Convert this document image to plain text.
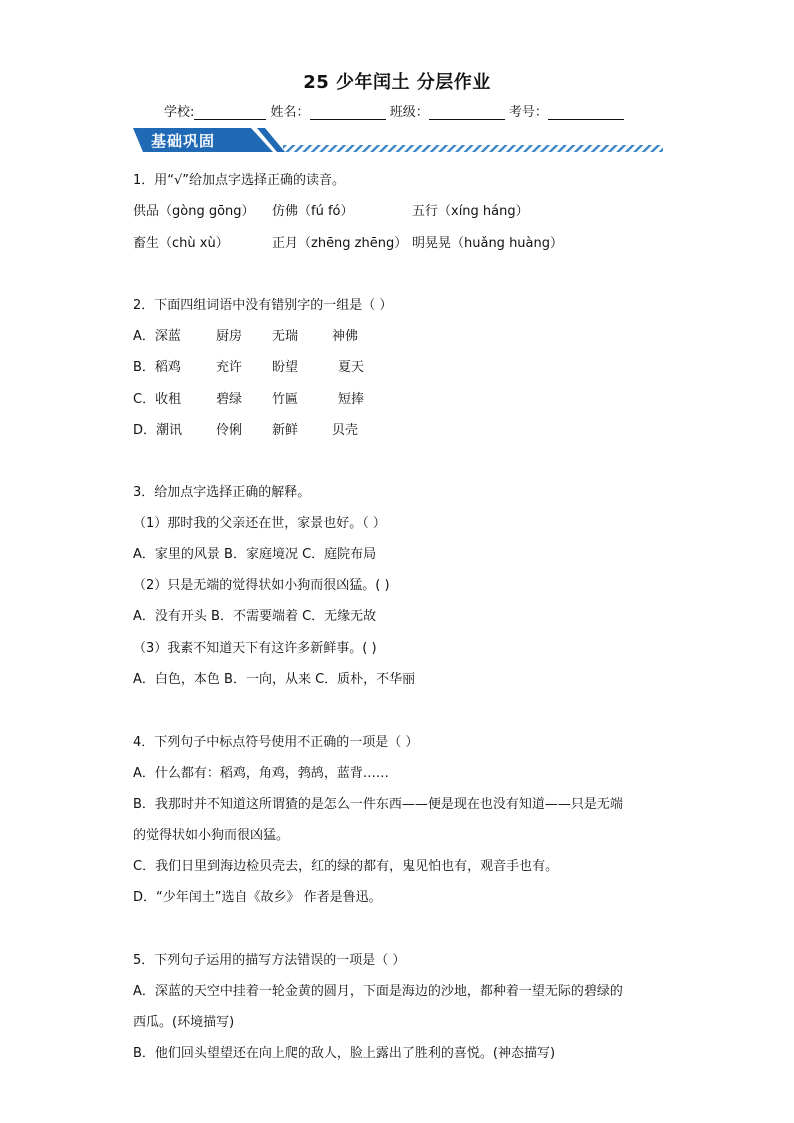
25 少年闰土 分层作业
学校:	姓名：	班级：	考号：
基础巩固
1．用“√”给加点字选择正确的读音。
供品（gòng gōng） 仿佛（fú fó）	五行（xíng háng）
畜生（chù xù）	正月（zhēng zhēng） 明晃晃（huǎng huàng）
2．下面四组词语中没有错别字的一组是（ ）
A．深蓝	厨房 无瑞	神佛
B．稻鸡	充许 盼望	夏天
C．收租	碧绿 竹匾	短捧
D．潮讯	伶俐 新鲜	贝壳
3．给加点字选择正确的解释。
（1）那时我的父亲还在世，家景也好。（ ）
A．家里的风景 B．家庭境况 C．庭院布局
（2）只是无端的觉得状如小狗而很凶猛。( )
A．没有开头 B．不需要端着 C．无缘无故
（3）我素不知道天下有这许多新鲜事。( )
A．白色，本色 B．一向，从来 C．质朴，不华丽
4．下列句子中标点符号使用不正确的一项是（ ）
A．什么都有：稻鸡，角鸡，鹁鸪，蓝背……
B．我那时并不知道这所谓猹的是怎么一件东西——便是现在也没有知道——只是无端
的觉得状如小狗而很凶猛。
C．我们日里到海边检贝壳去，红的绿的都有，鬼见怕也有，观音手也有。
D．“少年闰土”选自《故乡》 作者是鲁迅。
5．下列句子运用的描写方法错误的一项是（ ）
A．深蓝的天空中挂着一轮金黄的圆月，下面是海边的沙地，都种着一望无际的碧绿的
西瓜。(环境描写)
B．他们回头望望还在向上爬的敌人，脸上露出了胜利的喜悦。(神态描写)
